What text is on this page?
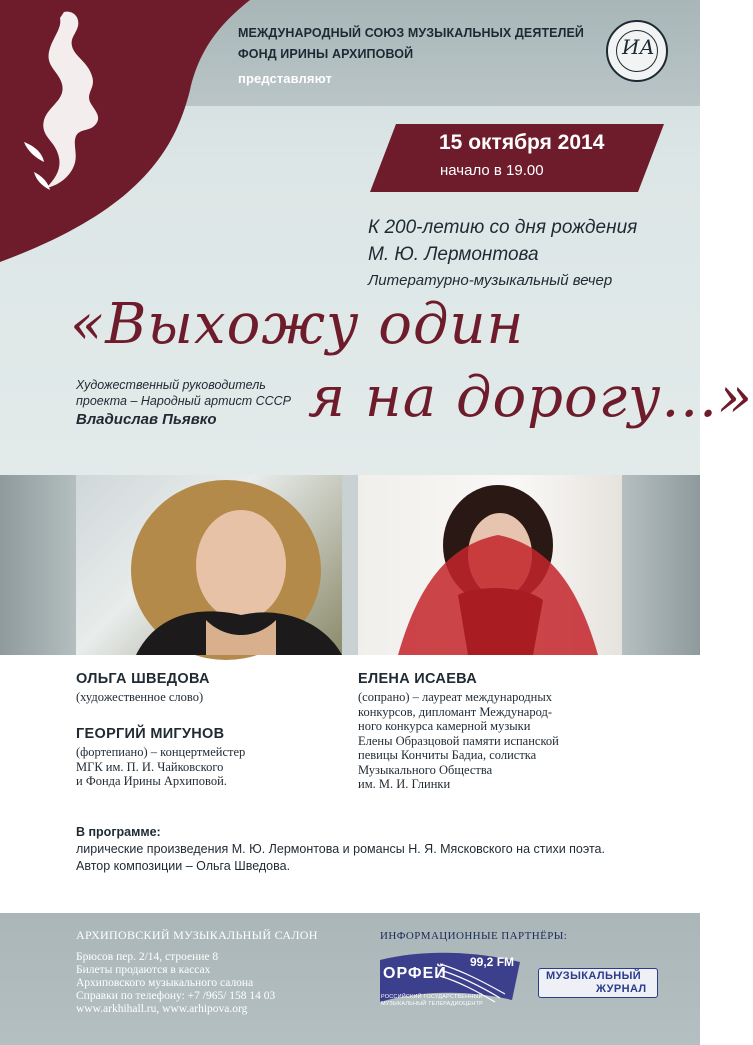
МЕЖДУНАРОДНЫЙ СОЮЗ МУЗЫКАЛЬНЫХ ДЕЯТЕЛЕЙ
ФОНД ИРИНЫ АРХИПОВОЙ
представляют
ИА
15 октября 2014
начало в 19.00
К 200-летию со дня рождения
М. Ю. Лермонтова
Литературно-музыкальный вечер
«Выхожу один
я на дорогу...»
Художественный руководитель
проекта – Народный артист СССР
Владислав Пьявко
ОЛЬГА ШВЕДОВА
(художественное слово)
ГЕОРГИЙ МИГУНОВ
(фортепиано) – концертмейстер
МГК им. П. И. Чайковского
и Фонда Ирины Архиповой.
ЕЛЕНА ИСАЕВА
(сопрано) – лауреат международных
конкурсов, дипломант Международ-
ного конкурса камерной музыки
Елены Образцовой памяти испанской
певицы Кончиты Бадиа, солистка
Музыкального Общества
им. М. И. Глинки
В программе:
лирические произведения М. Ю. Лермонтова и романсы Н. Я. Мясковского на стихи поэта.
Автор композиции – Ольга Шведова.
АРХИПОВСКИЙ МУЗЫКАЛЬНЫЙ САЛОН
Брюсов пер. 2/14, строение 8
Билеты продаются в кассах
Архиповского музыкального салона
Справки по телефону: +7 /965/ 158 14 03
www.arkhihall.ru, www.arhipova.org
ИНФОРМАЦИОННЫЕ ПАРТНЁРЫ:
ОРФЕЙ
99,2 FM
РОССИЙСКИЙ ГОСУДАРСТВЕННЫЙ
МУЗЫКАЛЬНЫЙ ТЕЛЕРАДИОЦЕНТР
МУЗЫКАЛЬНЫЙ
ЖУРНАЛ
